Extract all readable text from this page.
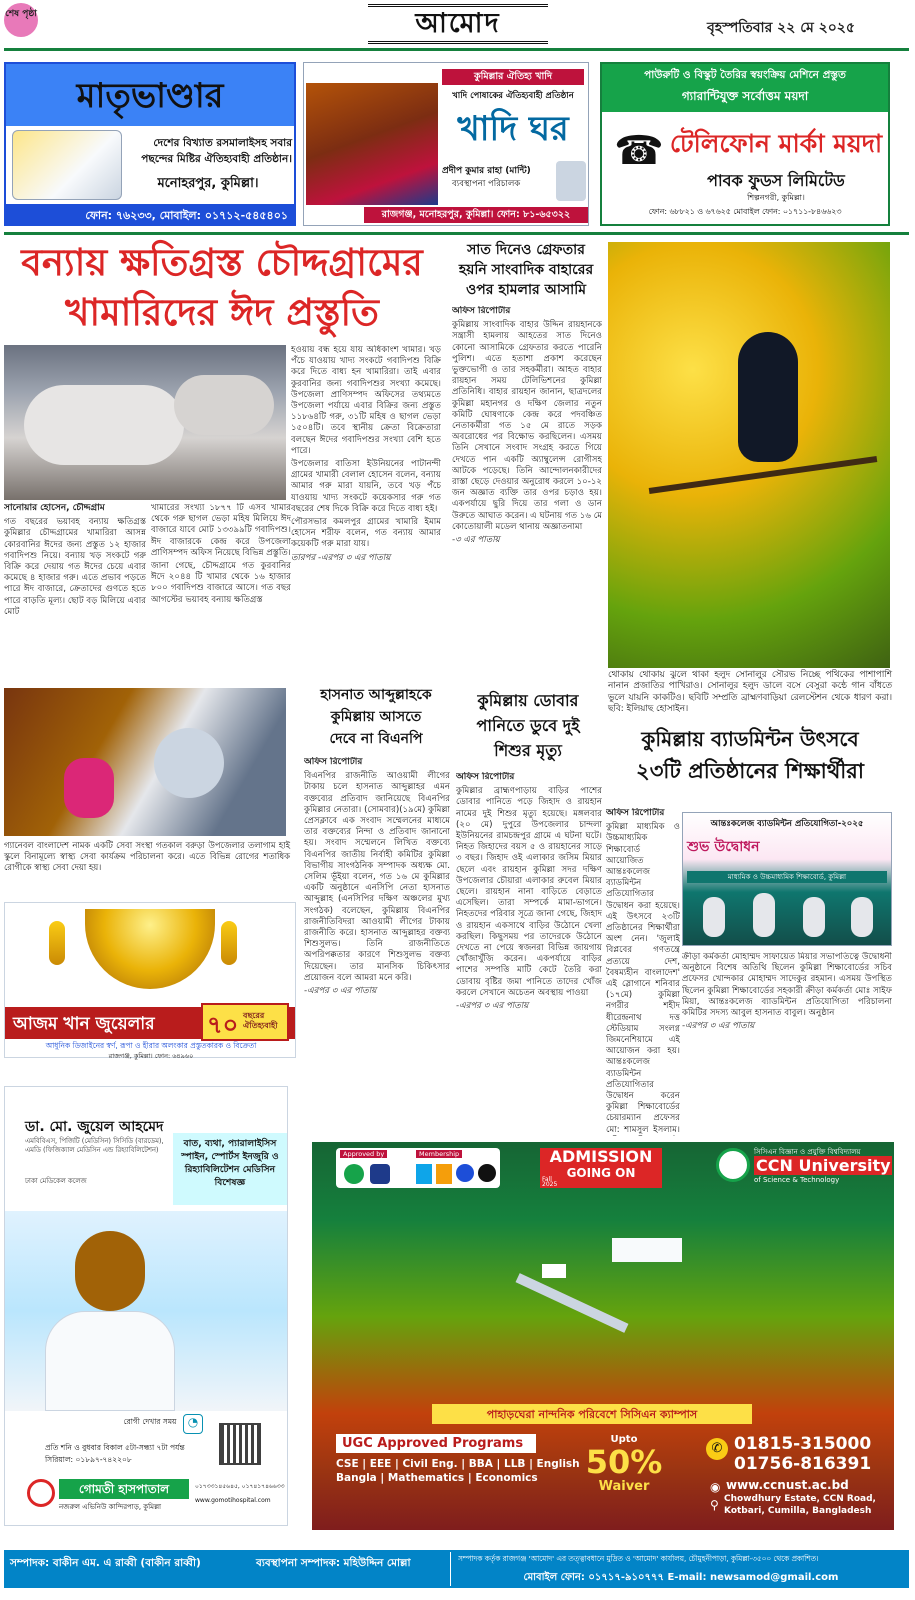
শেষ পৃষ্ঠা	আমোদ	বৃহস্পতিবার ২২ মে ২০২৫
মাতৃভাণ্ডার
দেশের বিখ্যাত রসমালাইসহ সবার
পছন্দের মিষ্টির ঐতিহ্যবাহী প্রতিষ্ঠান।
মনোহরপুর, কুমিল্লা।
ফোন: ৭৬২৩৩, মোবাইল: ০১৭১২-৫৪৫৪০১
কুমিল্লার ঐতিহ্য খাদি
খাদি পোষাকের ঐতিহ্যবাহী প্রতিষ্ঠান
খাদি ঘর
প্রদীপ কুমার রাহা (মান্টি)
ব্যবস্থাপনা পরিচালক
রাজগঞ্জ, মনোহরপুর, কুমিল্লা। ফোন: ৮১-৬৫৩২২
পাউরুটি ও বিস্কুট তৈরির স্বয়ংক্রিয় মেশিনে প্রস্তুত
গ্যারান্টিযুক্ত সর্বোত্তম ময়দা
☎ টেলিফোন মার্কা ময়দা
পাবক ফুডস লিমিটেড
শিল্পনগরী, কুমিল্লা।
ফোন: ৬৮৮২১ ও ৬৭৬২৫ মোবাইল ফোন: ০১৭১১-৮৪৬৬২৩
বন্যায় ক্ষতিগ্রস্ত চৌদ্দগ্রামের
খামারিদের ঈদ প্রস্তুতি
সানোয়ার হোসেন, চৌদ্দগ্রাম

গত বছরের ভয়াবহ বন্যায় ক্ষতিগ্রস্ত কুমিল্লার চৌদ্দগ্রামের খামারিরা আসন্ন কোরবানির ঈদের জন্য প্রস্তুত ১২ হাজার গবাদিপশু নিয়ে। বন্যায় খড় সংকটে গরু বিক্রি করে দেয়ায় গত ঈদের চেয়ে এবার কমেছে ৪ হাজার গরু। এতে প্রভাব পড়তে পারে ঈদ বাজারে, ক্রেতাদের গুণতে হতে পারে বাড়তি মূল্য। ছোট বড় মিলিয়ে এবার মোট

খামারের সংখ্যা ১৮৭৭ টি এসব খামার থেকে গরু ছাগল ভেড়া মহিষ মিলিয়ে ঈদ বাজারে যাবে মোট ১৩৩৯৯টি গবাদিপশু। ঈদ বাজারকে কেন্দ্র করে উপজেলা প্রাণিসম্পদ অফিস নিয়েছে বিভিন্ন প্রস্তুতি।

জানা গেছে, চৌদ্দগ্রামে গত কুরবানির ঈদে ২০৪৪ টি খামার থেকে ১৬ হাজার ৮০০ গবাদিপশু বাজারে আসে। গত বছর আগস্টের ভয়াবহ বন্যায় ক্ষতিগ্রস্ত

হওয়ায় বন্ধ হয়ে যায় অধিকাংশ খামার। খড় পঁচে যাওয়ায় খাদ্য সংকটে গবাদিপশু বিক্রি করে দিতে বাধ্য হন খামারিরা। তাই এবার কুরবানির জন্য গবাদিপশুর সংখ্যা কমেছে। উপজেলা প্রাণিসম্পদ অফিসের তথ্যমতে উপজেলা পর্যায়ে এবার বিক্রির জন্য প্রস্তুত ১১৮৬৪টি গরু, ৩১টি মহিষ ও ছাগল ভেড়া ১৫০৪টি। তবে স্থানীয় ক্রেতা বিক্রেতারা বলছেন ঈদের গবাদিপশুর সংখ্যা বেশি হতে পারে।

উপজেলার বাতিসা ইউনিয়নের পাটানন্দী গ্রামের খামারী বেলাল হোসেন বলেন, বন্যায় আমার গরু মারা যায়নি, তবে খড় পঁচে যাওয়ায় খাদ্য সংকটে কয়েকসার গরু গত বছরের শেষ দিকে বিক্রি করে দিতে বাধ্য হই।

পৌরসভার কমলপুর গ্রামের খামারি ইমাম হোসেন শরীফ বলেন, গত বন্যায় আমার কয়েকটি গরু মারা যায়।

তারপর -এরপর ৩ এর পাতায়

গ্যানেবল বাংলাদেশ নামক একটি সেবা সংস্থা গতকাল বরুড়া উপজেলার তলাগাম হাই স্কুলে বিনামূল্যে স্বাস্থ্য সেবা কার্যক্রম পরিচালনা করে। এতে বিভিন্ন রোগের শতাধিক রোগীকে স্বাস্থ্য সেবা দেয়া হয়।
সাত দিনেও গ্রেফতার হয়নি সাংবাদিক বাহারের ওপর হামলার আসামি
অফিস রিপোর্টার

কুমিল্লায় সাংবাদিক বাহার উদ্দিন রায়হানকে সন্ত্রাসী হামলায় আহতের সাত দিনেও কোনো আসামিকে গ্রেফতার করতে পারেনি পুলিশ। এতে হতাশা প্রকাশ করেছেন ভুক্তভোগী ও তার সহকর্মীরা। আহত বাহার রায়হান সময় টেলিভিশনের কুমিল্লা প্রতিনিধি। বাহার রায়হান জানান, ছাত্রদলের কুমিল্লা মহানগর ও দক্ষিণ জেলার নতুন কমিটি ঘোষণাকে কেন্দ্র করে পদবঞ্চিত নেতাকর্মীরা গত ১৫ মে রাতে সড়ক অবরোধের পর বিক্ষোভ করছিলেন। এসময় তিনি সেখানে সংবাদ সংগ্রহ করতে গিয়ে দেখতে পান একটি অ্যাম্বুলেন্স রোগীসহ আটকে পড়েছে। তিনি আন্দোলনকারীদের রাস্তা ছেড়ে দেওয়ার অনুরোধ করলে ১০-১২ জন অজ্ঞাত ব্যক্তি তার ওপর চড়াও হয়। একপর্যায়ে ছুরি দিয়ে তার গলা ও ডান উরুতে আঘাত করেন। এ ঘটনায় গত ১৬ মে কোতোয়ালী মডেল থানায় অজ্ঞাতনামা

-৩ এর পাতায়

থোকায় থোকায় ঝুলে থাকা হলুদ সোনালু্র সৌরভ নিচ্ছে পথিকের পাশাপাশি নানান প্রজাতির পাখিরাও। সোনালুর হলুদ ডালে বসে বেসুরা কন্ঠে গান বাঁধতে ভুলে যায়নি কাকটিও। ছবিটি সম্প্রতি ব্রাহ্মণবাড়িয়া রেলস্টেশন থেকে ধারণ করা। ছবি: ইলিয়াছ হোসাইন।
হাসনাত আব্দুল্লাহকে
কুমিল্লায় আসতে
দেবে না বিএনপি
অফিস রিপোর্টার

বিএনপির রাজনীতি আওয়ামী লীগের টাকায় চলে হাসনাত আব্দুল্লাহর এমন বক্তব্যের প্রতিবাদ জানিয়েছে বিএনপির কুমিল্লার নেতারা। (সোমবার)(১৯মে) কুমিল্লা প্রেসক্লাবে এক সংবাদ সম্মেলনের মাধ্যমে তার বক্তব্যের নিন্দা ও প্রতিবাদ জানানো হয়। সংবাদ সম্মেলনে লিখিত বক্তব্যে বিএনপির জাতীয় নির্বাহী কমিটির কুমিল্লা বিভাগীয় সাংগঠনিক সম্পাদক অধ্যক্ষ মো. সেলিম ভূঁইয়া বলেন, গত ১৬ মে কুমিল্লার একটি অনুষ্ঠানে এনসিপি নেতা হাসনাত আব্দুল্লাহ (এনসিপির দক্ষিণ অঞ্চলের মুখ্য সংগঠক) বলেছেন, কুমিল্লায় বিএনপির রাজনীতিবিদরা আওয়ামী লীগের টাকায় রাজনীতি করে। হাসনাত আব্দুল্লাহর বক্তব্য শিশুসুলভ। তিনি রাজনীতিতে অপরিপক্কতার কারণে শিশুসুলভ বক্তব্য দিয়েছেন। তার মানসিক চিকিৎসার প্রয়োজন বলে আমরা মনে করি।

-এরপর ৩ এর পাতায়

কুমিল্লায় ডোবার
পানিতে ডুবে দুই
শিশুর মৃত্যু
অফিস রিপোর্টার

কুমিল্লার ব্রাহ্মণপাড়ায় বাড়ির পাশের ডোবার পানিতে পড়ে জিহাদ ও রায়হান নামের দুই শিশুর মৃত্যু হয়েছে। মঙ্গলবার (২০ মে) দুপুরে উপজেলার চান্দলা ইউনিয়নের রামচন্দ্রপুর গ্রামে এ ঘটনা ঘটে। নিহত জিহাদের বয়স ৫ ও রায়হানের সাড়ে ৩ বছর। জিহাদ ওই এলাকার জসিম মিয়ার ছেলে এবং রায়হান কুমিল্লা সদর দক্ষিণ উপজেলার চৌয়ারা এলাকার রুবেল মিয়ার ছেলে। রায়হান নানা বাড়িতে বেড়াতে এসেছিল। তারা সম্পর্কে মামা-ভাগনে। নিহতদের পরিবার সূত্রে জানা গেছে, জিহাদ ও রায়হান একসাথে বাড়ির উঠোনে খেলা করছিল। কিছুসময় পর তাদেরকে উঠোনে দেখতে না পেয়ে স্বজনরা বিভিন্ন জায়গায় খোঁজাখুঁজি করেন। একপর্যায়ে বাড়ির পাশের সম্পত্তি মাটি কেটে তৈরি করা ডোবায় বৃষ্টির জমা পানিতে তাদের খোঁজ করলে সেখানে অচেতন অবস্থায় পাওয়া

-এরপর ৩ এর পাতায়

কুমিল্লায় ব্যাডমিন্টন উৎসবে
২৩টি প্রতিষ্ঠানের শিক্ষার্থীরা
অফিস রিপোর্টার

কুমিল্লা মাধ্যমিক ও উচ্চমাধ্যমিক শিক্ষাবোর্ড আয়োজিত আন্তঃকলেজ ব্যাডমিন্টন প্রতিযোগিতার উদ্বোধন করা হয়েছে। এই উৎসবে ২৩টি প্রতিষ্ঠানের শিক্ষার্থীরা অংশ নেন। 'জুলাই বিপ্লবের গণতন্ত্রে প্রত্যয়ে দেশ, বৈষম্যহীন বাংলাদেশ' এই স্লোগানে শনিবার (১৭মে) কুমিল্লা নগরীর শহীদ ধীরেন্দ্রনাথ দত্ত স্টেডিয়াম সংলগ্ন জিমনেশিয়ামে এই আয়োজন করা হয়। আন্তঃকলেজ ব্যাডমিন্টন প্রতিযোগিতার উদ্বোধন করেন কুমিল্লা শিক্ষাবোর্ডের চেয়ারম্যান প্রফেসর মো: শামসুল ইসলাম।

আন্তঃকলেজ ব্যাডমিন্টন প্রতিযোগিতা-২০২৫
শুভ উদ্বোধন
মাধ্যমিক ও উচ্চমাধ্যমিক শিক্ষাবোর্ড, কুমিল্লা

ক্রীড়া কর্মকর্তা মোহাম্মদ সাফায়েত মিয়ার সভাপতিত্বে উদ্বোধনী অনুষ্ঠানে বিশেষ অতিথি ছিলেন কুমিল্লা শিক্ষাবোর্ডের সচিব প্রফেসর খোন্দকার মোহাম্মদ সাদেকুর রহমান। এসময় উপস্থিত ছিলেন কুমিল্লা শিক্ষাবোর্ডের সহকারী ক্রীড়া কর্মকর্তা মোঃ সাইফ মিয়া, আন্তঃকলেজ ব্যাডমিন্টন প্রতিযোগিতা পরিচালনা কমিটির সদস্য আবুল হাসনাত বাবুল। অনুষ্ঠান

-এরপর ৩ এর পাতায়

আজম খান জুয়েলার	৭০ বছরের ঐতিহ্যবাহী
আধুনিক ডিজাইনের স্বর্ণ, রূপা ও হীরার অলংকার প্রস্তুতকারক ও বিক্রেতা
রাজগঞ্জ, কুমিল্লা। ফোন: ৬৪৯৬০
ডা. মো. জুয়েল আহমেদ
এমবিবিএস, পিজিটি (মেডিসিন) সিসিডি (বারডেম), এমডি (ফিজিক্যাল মেডিসিন এন্ড রিহ্যাবিলিটেশন)
ঢাকা মেডিকেল কলেজ
বাত, ব্যথা, প্যারালাইসিস স্পাইন, স্পোর্টস ইনজুরি ও রিহ্যাবিলিটেশন মেডিসিন বিশেষজ্ঞ
রোগী দেখার সময় ◔
প্রতি শনি ও বুধবার বিকাল ৫টা-সন্ধ্যা ৭টা পর্যন্ত
সিরিয়াল: ০১৮৯৭-৭৪২২০৮
গোমতী হাসপাতাল
নজরুল এভিনিউ কান্দিরপাড়, কুমিল্লা
০১৭৩৩১৪৫৬৪৫, ০১৭৪১৭৪৬৬৩৩
www.gomotihospital.com
Approved by	Membership	ADMISSION
GOING ON
Fall
2025
সিসিএন বিজ্ঞান ও প্রযুক্তি বিশ্ববিদ্যালয়
CCN University
of Science & Technology
পাহাড়ঘেরা নান্দনিক পরিবেশে সিসিএন ক্যাম্পাস
UGC Approved Programs
CSE | EEE | Civil Eng. | BBA | LLB | English
Bangla | Mathematics | Economics
Upto
50%
Waiver
✆ 01815-315000
01756-816391
◉ www.ccnust.ac.bd
⚲ Chowdhury Estate, CCN Road,
Kotbari, Cumilla, Bangladesh
সম্পাদক: বাকীন এম. এ রাব্বী (বাকীন রাব্বী)	ব্যবস্থাপনা সম্পাদক: মহিউদ্দিন মোল্লা	সম্পাদক কর্তৃক রাজগঞ্জ 'আমোদ' এর তত্ত্বাবধানে মুদ্রিত ও 'আমোদ' কার্যালয়, চৌমুহনীপাড়া, কুমিল্লা-৩৫০০ থেকে প্রকাশিত।
মোবাইল ফোন: ০১৭১৭-৯১০৭৭৭ E-mail: newsamod@gmail.com
